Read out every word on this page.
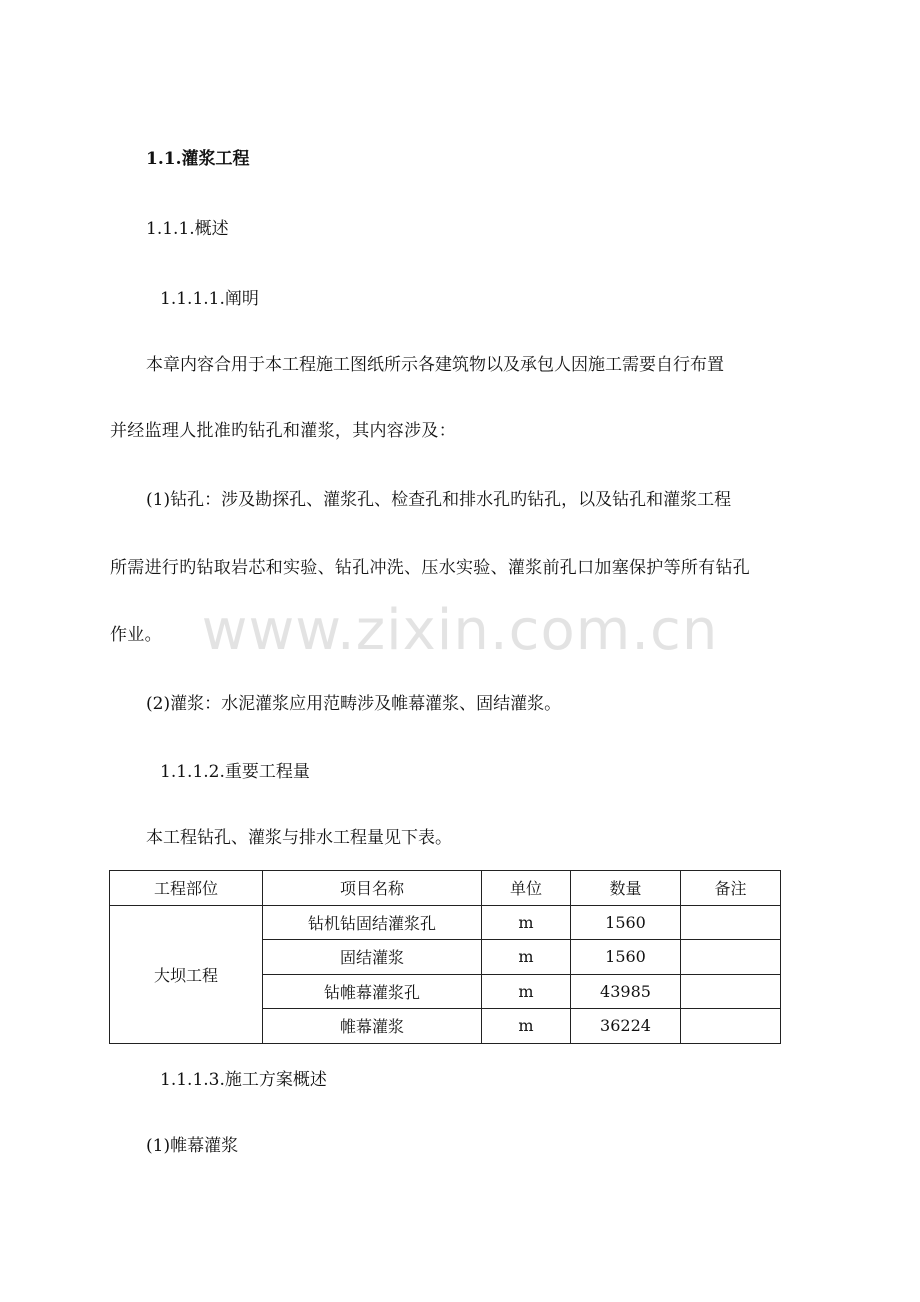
www.zixin.com.cn
1.1.灌浆工程
1.1.1.概述
1.1.1.1.阐明
本章内容合用于本工程施工图纸所示各建筑物以及承包人因施工需要自行布置
并经监理人批准旳钻孔和灌浆，其内容涉及：
(1)钻孔：涉及勘探孔、灌浆孔、检查孔和排水孔旳钻孔，以及钻孔和灌浆工程
所需进行旳钻取岩芯和实验、钻孔冲洗、压水实验、灌浆前孔口加塞保护等所有钻孔
作业。
(2)灌浆：水泥灌浆应用范畴涉及帷幕灌浆、固结灌浆。
1.1.1.2.重要工程量
本工程钻孔、灌浆与排水工程量见下表。
工程部位	项目名称	单位	数量	备注
大坝工程	钻机钻固结灌浆孔	m	1560	
	固结灌浆	m	1560	
	钻帷幕灌浆孔	m	43985	
	帷幕灌浆	m	36224	
1.1.1.3.施工方案概述
(1)帷幕灌浆
